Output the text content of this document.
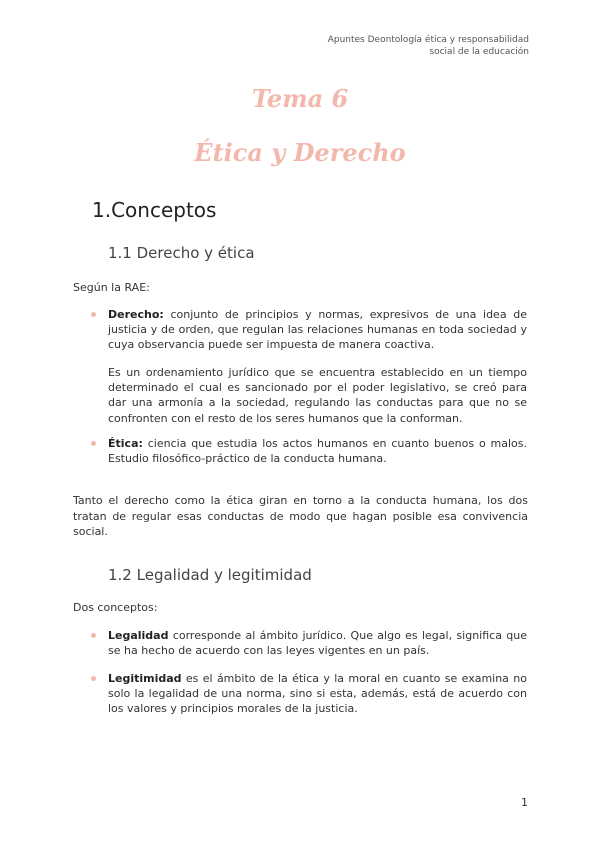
Apuntes Deontología ética y responsabilidad
social de la educación
Tema 6
Ética y Derecho
1.Conceptos
1.1 Derecho y ética

Según la RAE:

Derecho: conjunto de principios y normas, expresivos de una idea de justicia y de orden, que regulan las relaciones humanas en toda sociedad y cuya observancia puede ser impuesta de manera coactiva.
Es un ordenamiento jurídico que se encuentra establecido en un tiempo determinado el cual es sancionado por el poder legislativo, se creó para dar una armonía a la sociedad, regulando las conductas para que no se confronten con el resto de los seres humanos que la conforman.
Ética: ciencia que estudia los actos humanos en cuanto buenos o malos. Estudio filosófico-práctico de la conducta humana.

Tanto el derecho como la ética giran en torno a la conducta humana, los dos tratan de regular esas conductas de modo que hagan posible esa convivencia social.

1.2 Legalidad y legitimidad

Dos conceptos:

Legalidad corresponde al ámbito jurídico. Que algo es legal, significa que se ha hecho de acuerdo con las leyes vigentes en un país.
Legitimidad es el ámbito de la ética y la moral en cuanto se examina no solo la legalidad de una norma, sino si esta, además, está de acuerdo con los valores y principios morales de la justicia.
1
